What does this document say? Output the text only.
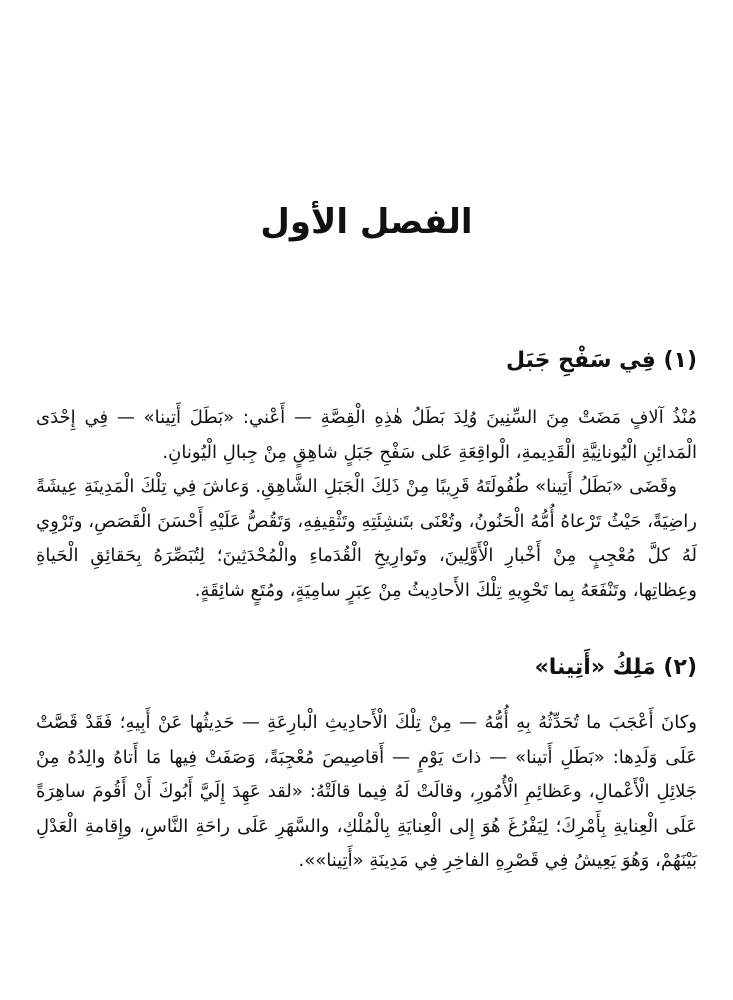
الفصل الأول
(١) فِي سَفْحِ جَبَل

مُنْذُ آلافٍ مَضَتْ مِنَ السِّنِينَ وُلِدَ بَطَلُ هٰذِهِ الْقِصَّةِ — أَعْني: «بَطَلَ أَتِينا» — فِي إِحْدَى الْمَدائِنِ الْيُونانِيَّةِ الْقَدِيمةِ، الْواقِعَةِ عَلى سَفْحِ جَبَلٍ شاهِقٍ مِنْ جِبالِ الْيُونانِ.

وقَضَى «بَطَلُ أَتِينا» طُفُولَتَهُ قَرِيبًا مِنْ ذَلِكَ الْجَبَلِ الشَّاهِقِ. وَعاشَ فِي تِلْكَ الْمَدِينَةِ عِيشَةً راضِيَةً، حَيْثُ تَرْعاهُ أُمُّهُ الْحَنُونُ، وتُعْنَى بتَنشِئَتِهِ وتَثْقِيفِهِ، وَتَقُصُّ عَلَيْهِ أَحْسَنَ الْقَصَصِ، وتَرْوِي لَهُ كلَّ مُعْجِبٍ مِنْ أَخْبارِ الْأَوَّلِينَ، وتَوارِيخِ الْقُدَماءِ والْمُحْدَثِينَ؛ لِتُبَصِّرَهُ بِحَقائِقِ الْحَياةِ وعِظاتِها، وتَنْفَعَهُ بِما تَحْوِيهِ تِلْكَ الأَحادِيثُ مِنْ عِبَرٍ سامِيَةٍ، ومُتَعٍ شائِقَةٍ.

(٢) مَلِكُ «أَتِينا»

وكانَ أَعْجَبَ ما تُحَدِّثُهُ بِهِ أُمُّهُ — مِنْ تِلْكَ الْأَحادِيثِ الْبارِعَةِ — حَدِيثُها عَنْ أَبِيهِ؛ فَقَدْ قَصَّتْ عَلَى وَلَدِها: «بَطَلِ أَتينا» — ذاتَ يَوْمٍ — أَقاصِيصَ مُعْجِبَةً، وَصَفَتْ فِيها مَا أَتاهُ والِدُهُ مِنْ جَلائِلِ الْأَعْمالِ، وعَظائِمِ الْأُمُورِ، وقالَتْ لَهُ فِيما قالَتْهُ: «لقد عَهِدَ إِلَيَّ أَبُوكَ أَنْ أَقُومَ ساهِرَةً عَلَى الْعِنايةِ بِأَمْرِكَ؛ لِيَفْرُغَ هُوَ إِلى الْعِنايَةِ بِالْمُلْكِ، والسَّهَرِ عَلَى راحَةِ النَّاسِ، وإِقامةِ الْعَدْلِ بَيْنَهُمْ، وَهُوَ يَعِيشُ فِي قَصْرِهِ الفاخِرِ فِي مَدِينَةِ «أَتِينا»».
